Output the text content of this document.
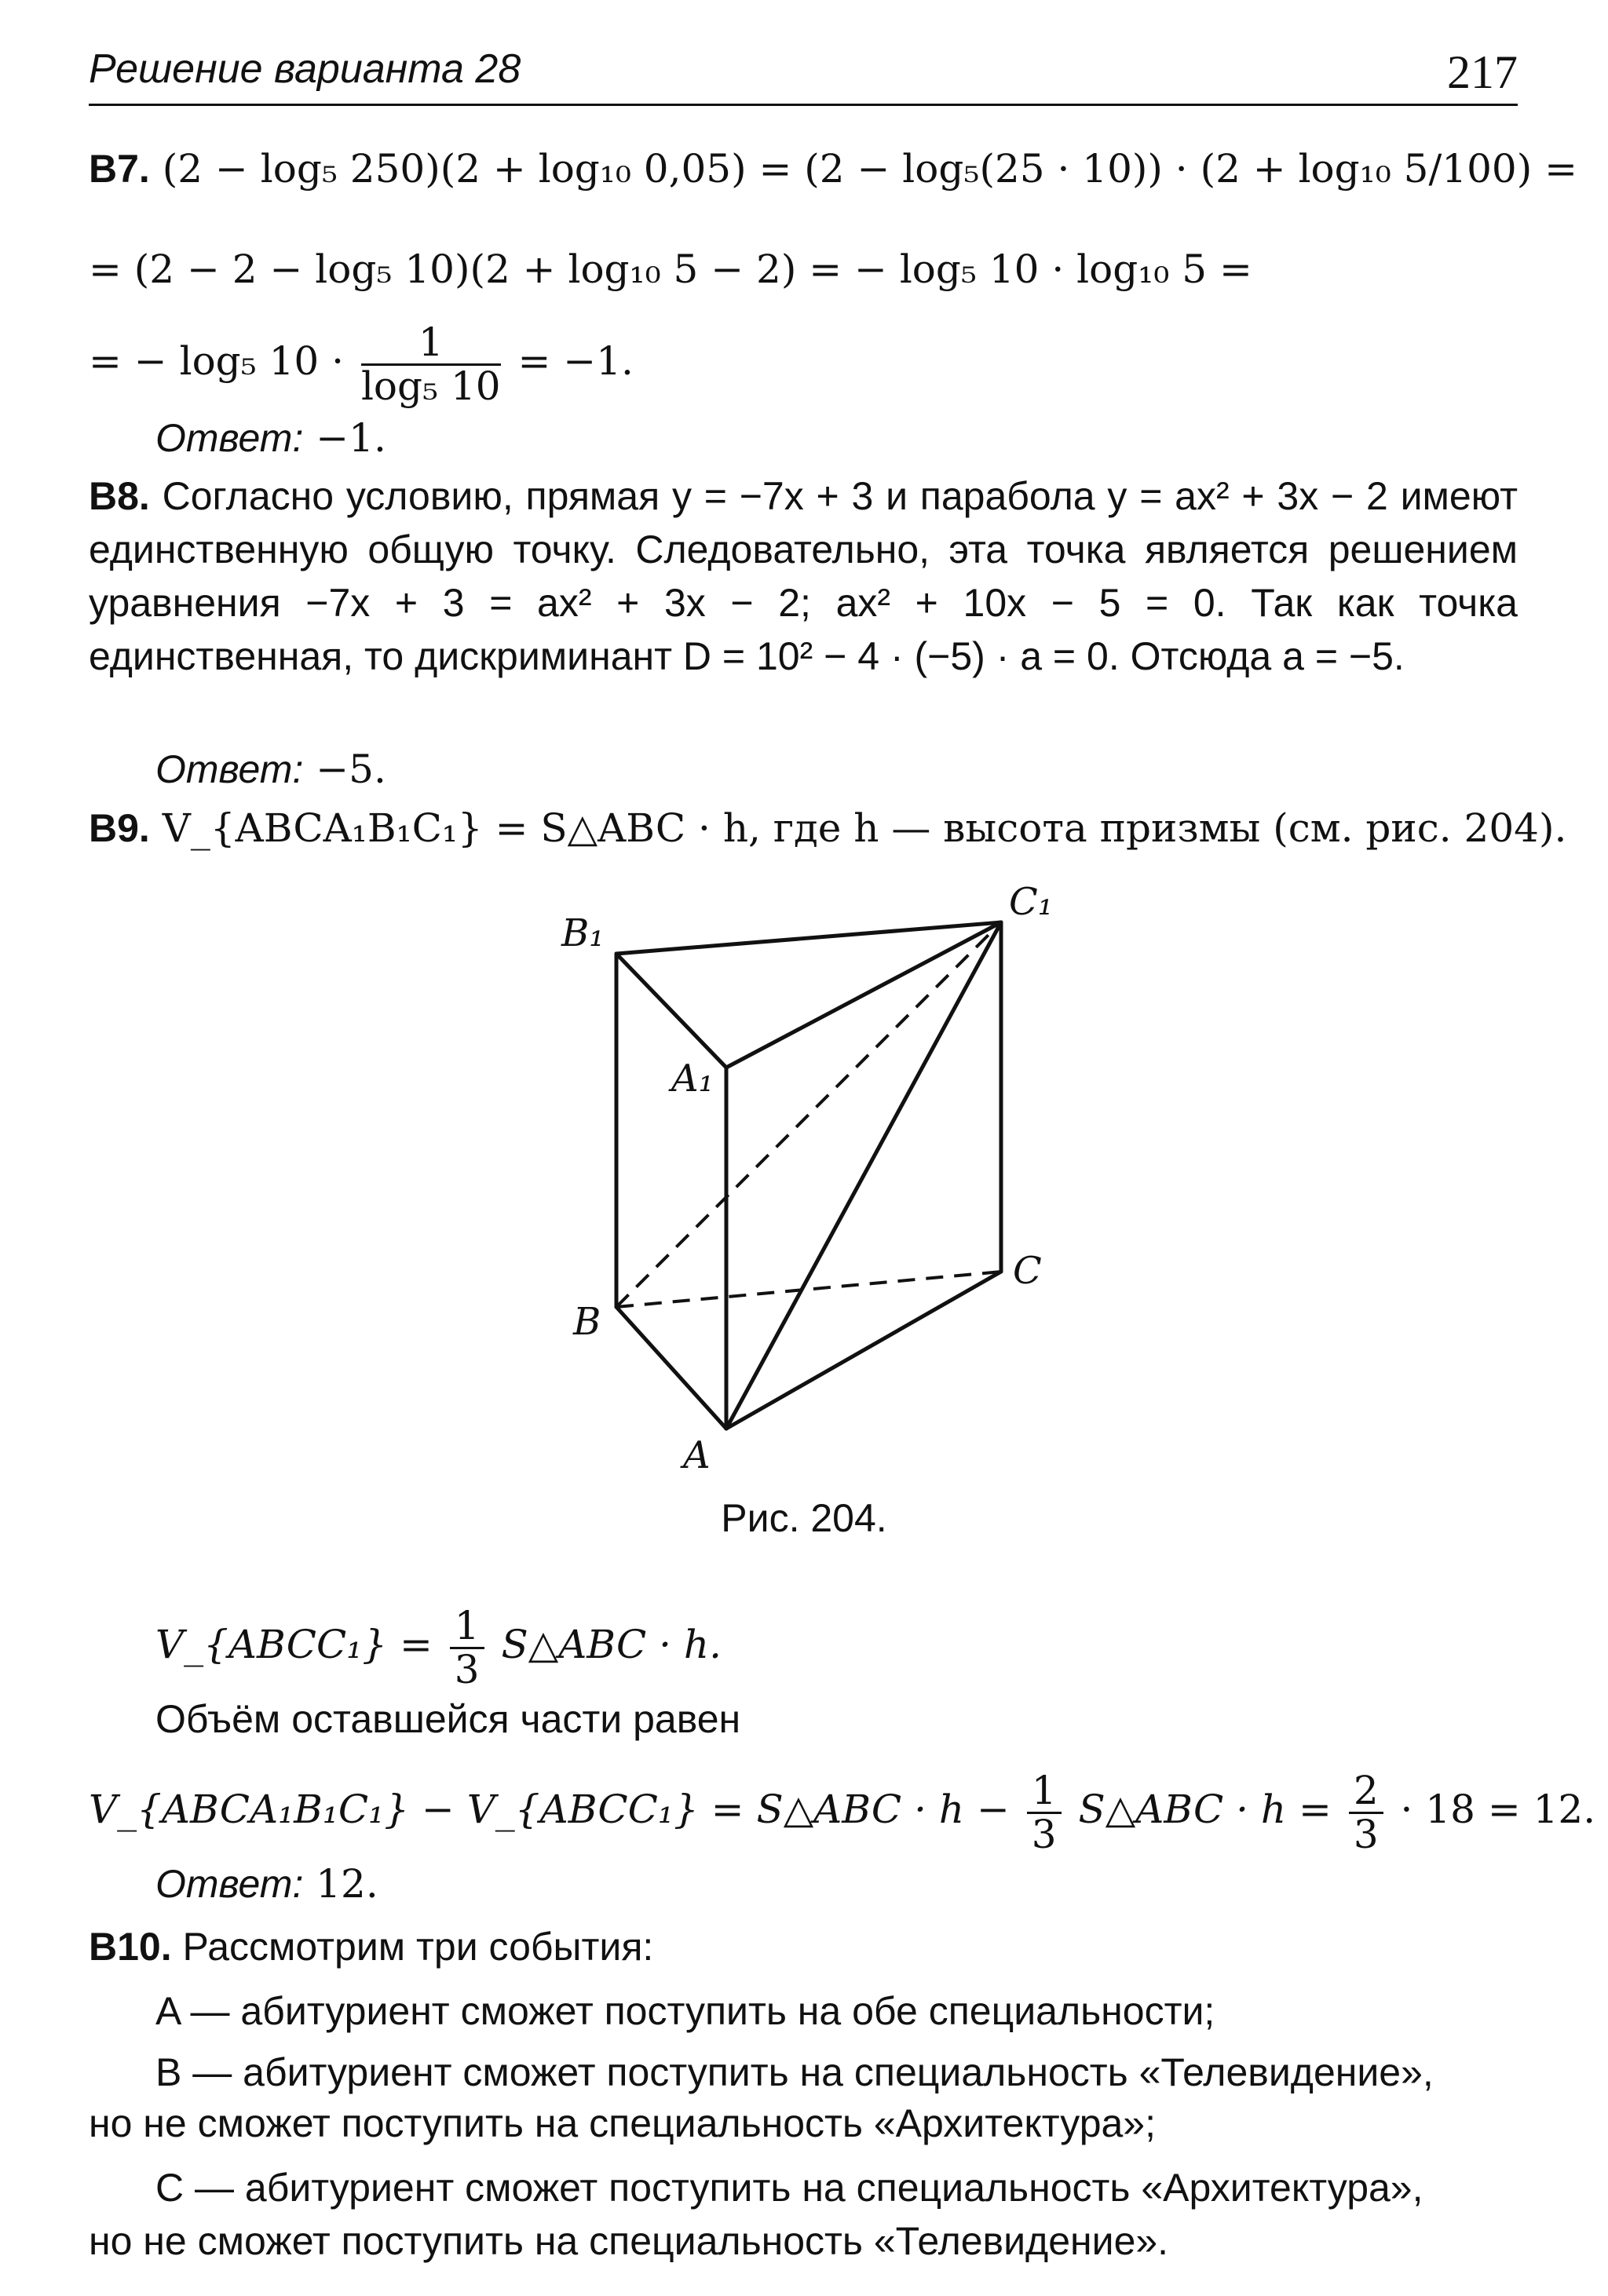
Решение варианта 28	217
B7. (2 − log₅ 250)(2 + log₁₀ 0,05) = (2 − log₅(25 · 10)) · (2 + log₁₀ 5/100) =
= (2 − 2 − log₅ 10)(2 + log₁₀ 5 − 2) = − log₅ 10 · log₁₀ 5 =
= − log₅ $10 \cdot \frac{1}{\text{log₅ 10}} = -1$.
Ответ: −1.
B8. Согласно условию, прямая y = −7x + 3 и парабола y = ax² + 3x − 2 имеют единственную общую точку. Следовательно, эта точка является решением уравнения −7x + 3 = ax² + 3x − 2; ax² + 10x − 5 = 0. Так как точка единственная, то дискриминант D = 10² − 4 · (−5) · a = 0. Отсюда a = −5.
Ответ: −5.
B9. V_{ABCA₁B₁C₁} = S△ABC · h, где h — высота призмы (см. рис. 204).
B₁
C₁
A₁
B
C
A
Рис. 204.
V_{ABCC₁} = $\frac{1}{3}$ S△ABC · h.
Объём оставшейся части равен
V_{ABCA₁B₁C₁} − V_{ABCC₁} = S△ABC · $h - \frac{1}{3}$ S△ABC · $h = \frac{2}{3} \cdot 18 = 12$.
Ответ: 12.
B10. Рассмотрим три события:
A — абитуриент сможет поступить на обе специальности;
B — абитуриент сможет поступить на специальность «Телевидение»,
но не сможет поступить на специальность «Архитектура»;
C — абитуриент сможет поступить на специальность «Архитектура»,
но не сможет поступить на специальность «Телевидение».
